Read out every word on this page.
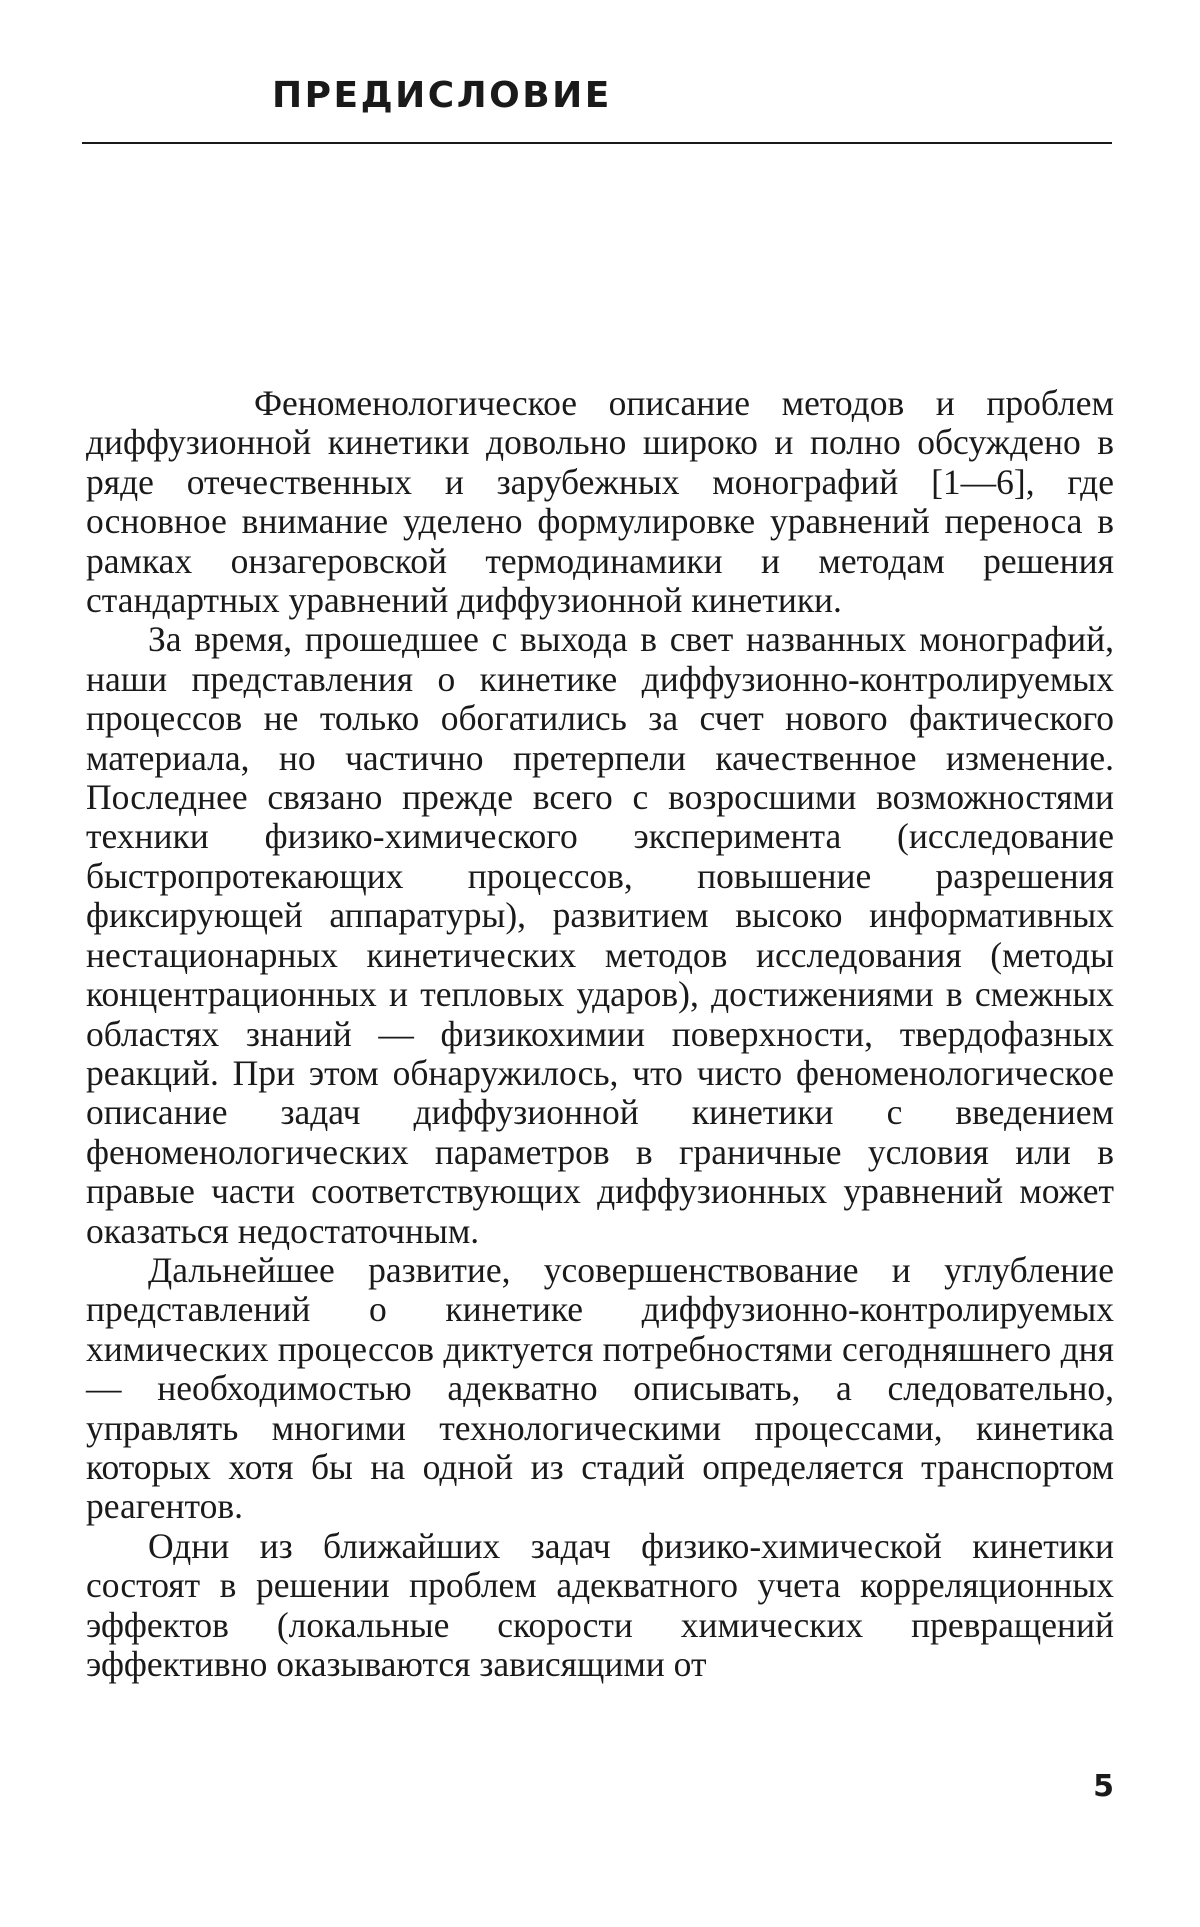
ПРЕДИСЛОВИЕ

Феноменологическое описание методов и проблем диффузионной кинетики довольно широко и полно обсуждено в ряде отечественных и зарубежных монографий [1—6], где основное внимание уделено формулировке уравнений переноса в рамках онзагеровской термодинамики и методам решения стандартных уравнений диффузионной кинетики.

За время, прошедшее с выхода в свет названных монографий, наши представления о кинетике диффузионно-контролируемых процессов не только обогатились за счет нового фактического материала, но частично претерпели качественное изменение. Последнее связано прежде всего с возросшими возможностями техники физико-химического эксперимента (исследование быстропротекающих процессов, повышение разрешения фиксирующей аппаратуры), развитием высоко информативных нестационарных кинетических методов исследования (методы концентрационных и тепловых ударов), достижениями в смежных областях знаний — физикохимии поверхности, твердофазных реакций. При этом обнаружилось, что чисто феноменологическое описание задач диффузионной кинетики с введением феноменологических параметров в граничные условия или в правые части соответствующих диффузионных уравнений может оказаться недостаточным.

Дальнейшее развитие, усовершенствование и углубление представлений о кинетике диффузионно-контролируемых химических процессов диктуется потребностями сегодняшнего дня — необходимостью адекватно описывать, а следовательно, управлять многими технологическими процессами, кинетика которых хотя бы на одной из стадий определяется транспортом реагентов.

Одни из ближайших задач физико-химической кинетики состоят в решении проблем адекватного учета корреляционных эффектов (локальные скорости химических превращений эффективно оказываются зависящими от

5
